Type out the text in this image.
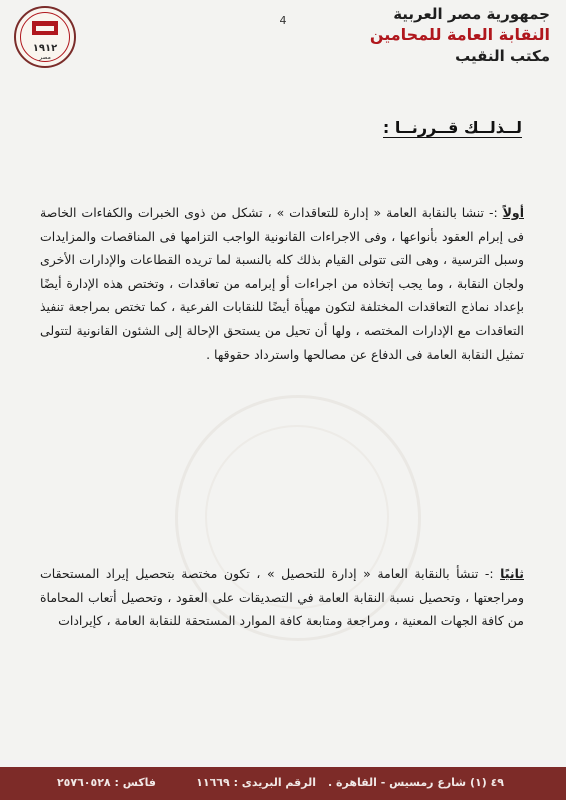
١٩١٢
مصر
4	جمهورية مصر العربية
النقابة العامة للمحامين
مكتب النقيب
لــذلــك قــررنــا :
أولاً :- تنشا بالنقابة العامة « إدارة للتعاقدات » ، تشكل من ذوى الخبرات والكفاءات الخاصة فى إبرام العقود بأنواعها ، وفى الاجراءات القانونية الواجب التزامها فى المناقصات والمزايدات وسبل الترسية ، وهى التى تتولى القيام بذلك كله بالنسبة لما تريده القطاعات والإدارات الأخرى ولجان النقابة ، وما يجب إتخاذه من اجراءات أو إبرامه من تعاقدات ، وتختص هذه الإدارة أيضًا بإعداد نماذج التعاقدات المختلفة لتكون مهيأة أيضًا للنقابات الفرعية ، كما تختص بمراجعة تنفيذ التعاقدات مع الإدارات المختصه ، ولها أن تحيل من يستحق الإحالة إلى الشئون القانونية لتتولى تمثيل النقابة العامة فى الدفاع عن مصالحها واسترداد حقوقها .
ثانيًا :- تنشأ بالنقابة العامة « إدارة للتحصيل » ، تكون مختصة بتحصيل إيراد المستحقات ومراجعتها ، وتحصيل نسبة النقابة العامة في التصديقات على العقود ، وتحصيل أتعاب المحاماة من كافة الجهات المعنية ، ومراجعة ومتابعة كافة الموارد المستحقة للنقابة العامة ، كإيرادات
٤٩ (١) شارع رمسيس - القاهرة .
الرقم البريدى : ١١٦٦٩
فاكس : ٢٥٧٦٠٥٢٨
